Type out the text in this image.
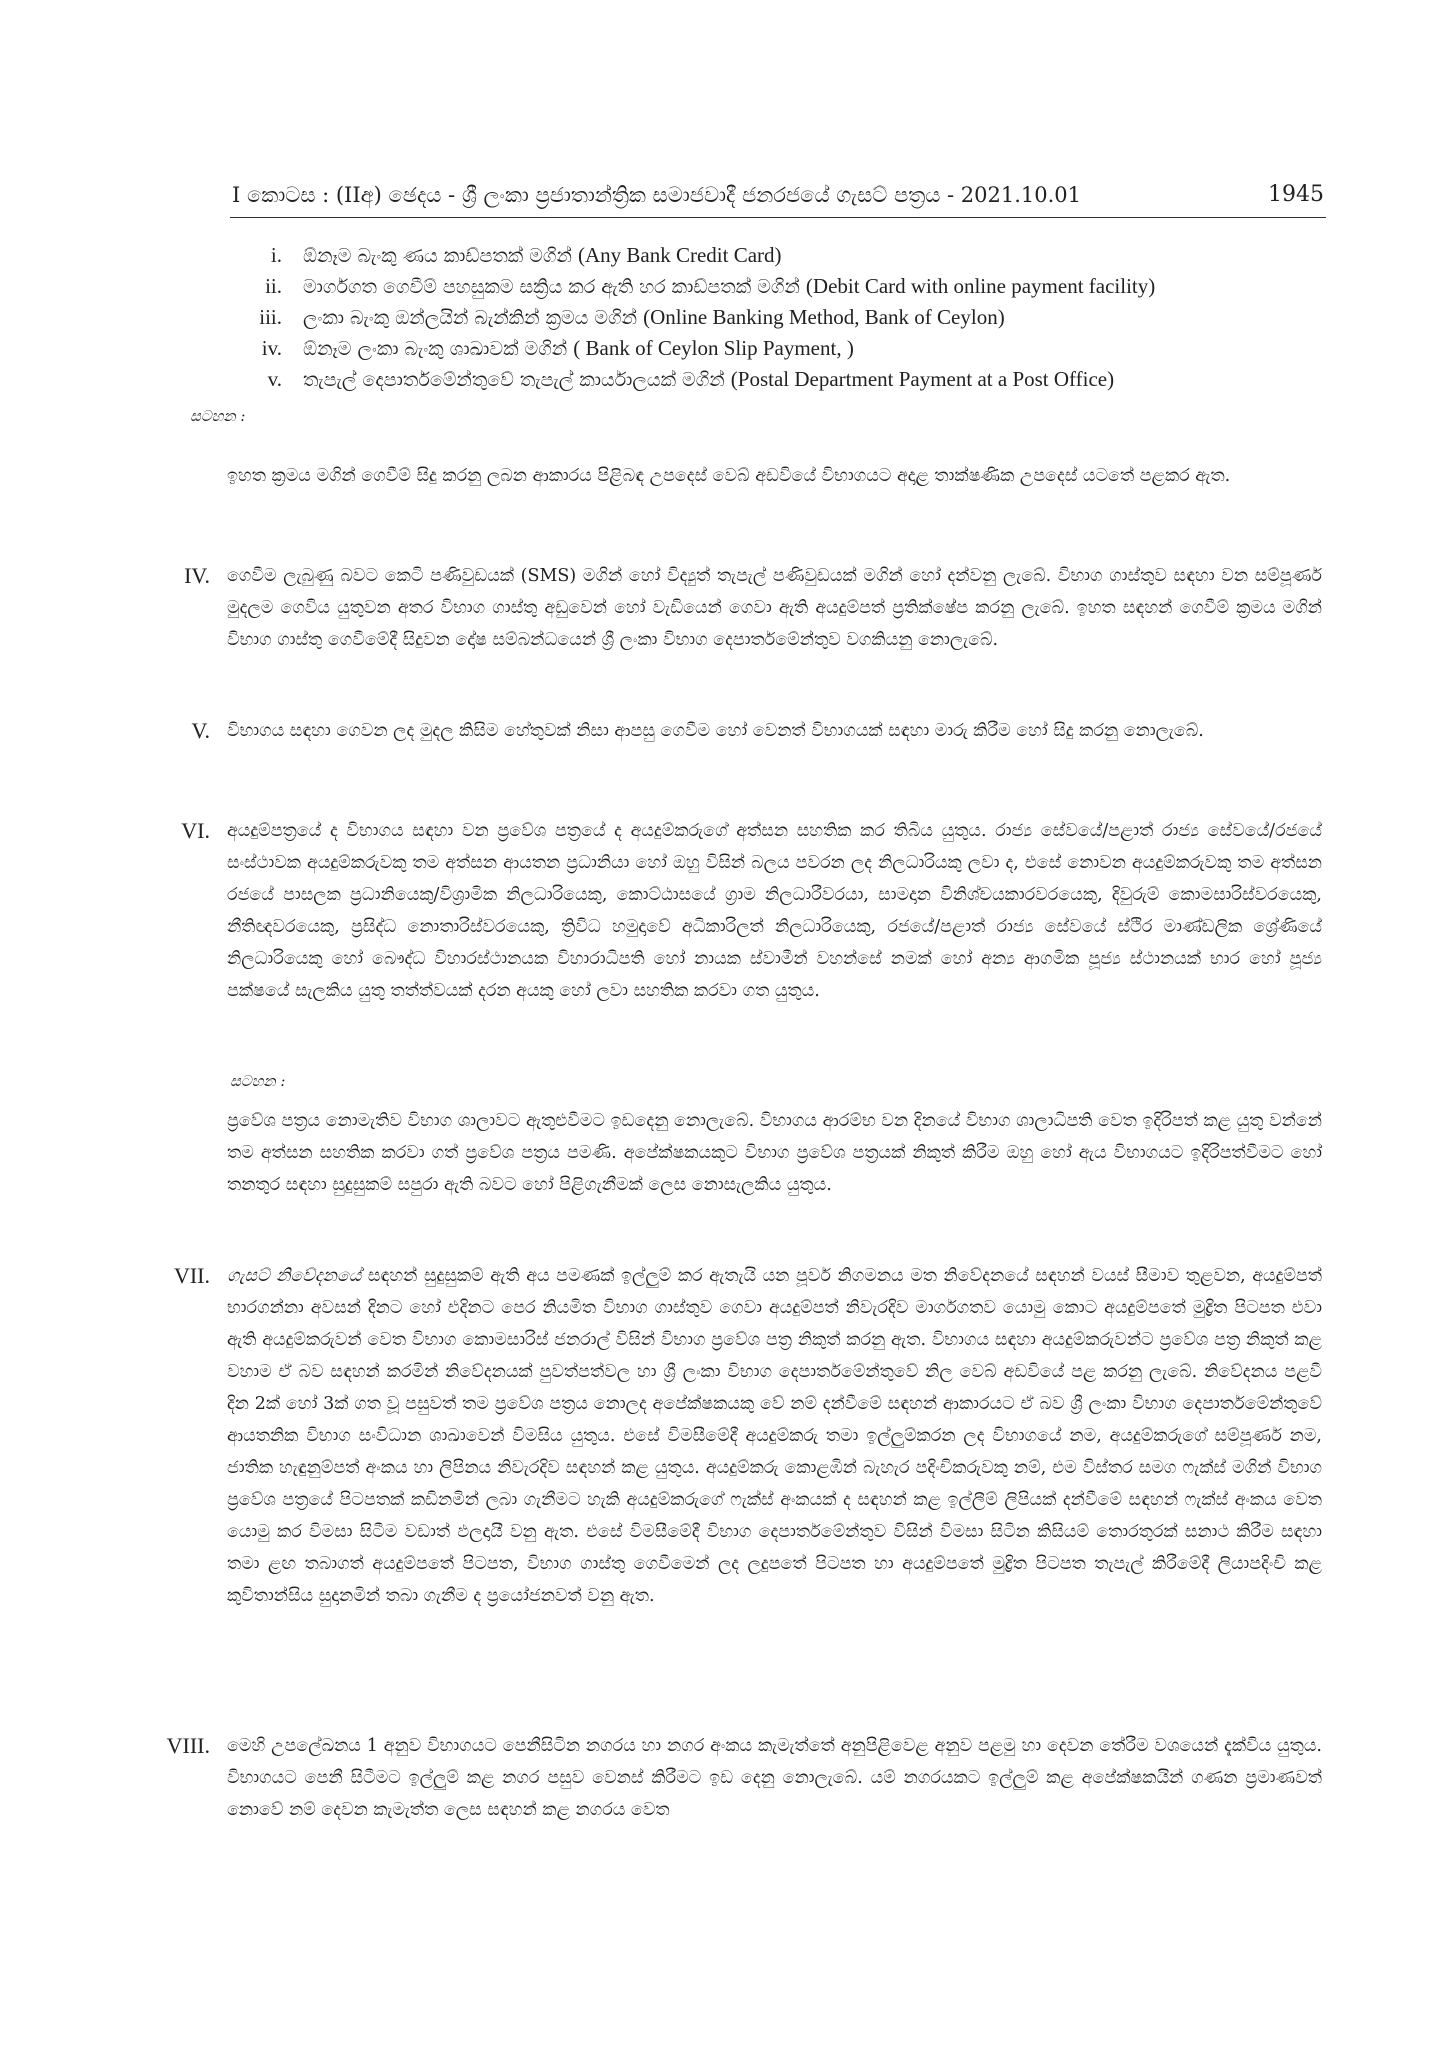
I කොටස : (IIඅ) ඡෙදය - ශ්‍රී ලංකා ප්‍රජාතාන්ත්‍රික සමාජවාදී ජනරජයේ ගැසට් පත්‍රය - 2021.10.01	1945
i. ඕනෑම බැංකු ණය කාඩ්පතක් මගින් (Any Bank Credit Card)
ii. මාර්ගගත ගෙවීම් පහසුකම සක්‍රිය කර ඇති හර කාඩ්පතක් මගින් (Debit Card with online payment facility)
iii. ලංකා බැංකු ඔන්ලයින් බැන්කින් ක්‍රමය මගින් (Online Banking Method, Bank of Ceylon)
iv. ඕනෑම ලංකා බැංකු ශාඛාවක් මගින් ( Bank of Ceylon Slip Payment, )
v. තැපැල් දෙපාර්තමේන්තුවේ තැපැල් කාර්යාලයක් මගින් (Postal Department Payment at a Post Office)
සටහන :
ඉහත ක්‍රමය මගින් ගෙවීම් සිදු කරනු ලබන ආකාරය පිළිබඳ උපදෙස් වෙබ් අඩවියේ විභාගයට අදාළ තාක්ෂණික උපදෙස් යටතේ පළකර ඇත.
IV. ගෙවීම ලැබුණු බවට කෙටි පණිවුඩයක් (SMS) මගින් හෝ විද්‍යුත් තැපැල් පණිවුඩයක් මගින් හෝ දන්වනු ලැබේ. විභාග ගාස්තුව සඳහා වන සම්පූර්ණ මුදලම ගෙවිය යුතුවන අතර විභාග ගාස්තු අඩුවෙන් හෝ වැඩියෙන් ගෙවා ඇති අයදුම්පත් ප්‍රතික්ෂේප කරනු ලැබේ. ඉහත සඳහන් ගෙවීම් ක්‍රමය මගින් විභාග ගාස්තු ගෙවීමේදී සිදුවන දෝෂ සම්බන්ධයෙන් ශ්‍රී ලංකා විභාග දෙපාර්තමේන්තුව වගකියනු නොලැබේ.
V. විභාගය සඳහා ගෙවන ලද මුදල කිසිම හේතුවක් නිසා ආපසු ගෙවීම හෝ වෙනත් විභාගයක් සඳහා මාරු කිරීම හෝ සිදු කරනු නොලැබේ.
VI. අයදුම්පත්‍රයේ ද විභාගය සඳහා වන ප්‍රවේශ පත්‍රයේ ද අයදුම්කරුගේ අත්සන සහතික කර තිබිය යුතුය. රාජ්‍ය සේවයේ/පළාත් රාජ්‍ය සේවයේ/රජයේ සංස්ථාවක අයදුම්කරුවකු තම අත්සන ආයතන ප්‍රධානියා හෝ ඔහු විසින් බලය පවරන ලද නිලධාරියකු ලවා ද, එසේ නොවන අයදුම්කරුවකු තම අත්සන රජයේ පාසලක ප්‍රධානියෙකු/විශ්‍රාමික නිලධාරියෙකු, කොට්ඨාසයේ ග්‍රාම නිලධාරීවරයා, සාමදාන විනිශ්චයකාරවරයෙකු, දිවුරුම් කොමසාරිස්වරයෙකු, නීතිඥවරයෙකු, ප්‍රසිද්ධ නොතාරිස්වරයෙකු, ත්‍රිවිධ හමුදාවේ අධිකාරිලත් නිලධාරියෙකු, රජයේ/පළාත් රාජ්‍ය සේවයේ ස්ථිර මාණ්ඩලික ශ්‍රේණියේ නිලධාරියෙකු හෝ බෞද්ධ විහාරස්ථානයක විහාරාධිපති හෝ නායක ස්වාමීන් වහන්සේ නමක් හෝ අන්‍ය ආගමික පූජ්‍ය ස්ථානයක් භාර හෝ පූජ්‍ය පක්ෂයේ සැලකිය යුතු තත්ත්වයක් දරන අයකු හෝ ලවා සහතික කරවා ගත යුතුය.
සටහන :
ප්‍රවේශ පත්‍රය නොමැතිව විභාග ශාලාවට ඇතුළුවීමට ඉඩදෙනු නොලැබේ. විභාගය ආරම්භ වන දිනයේ විභාග ශාලාධිපති වෙත ඉදිරිපත් කළ යුතු වන්නේ තම අත්සන සහතික කරවා ගත් ප්‍රවේශ පත්‍රය පමණි. අපේක්ෂකයකුට විභාග ප්‍රවේශ පත්‍රයක් නිකුත් කිරීම ඔහු හෝ ඇය විභාගයට ඉදිරිපත්වීමට හෝ තනතුර සඳහා සුදුසුකම් සපුරා ඇති බවට හෝ පිළිගැනීමක් ලෙස නොසැලකිය යුතුය.
VII. ගැසට් නිවේදනයේ සඳහන් සුදුසුකම් ඇති අය පමණක් ඉල්ලුම් කර ඇතැයි යන පූර්ව නිගමනය මත නිවේදනයේ සඳහන් වයස් සීමාව තුළවන, අයදුම්පත් භාරගන්නා අවසන් දිනට හෝ එදිනට පෙර නියමිත විභාග ගාස්තුව ගෙවා අයදුම්පත් නිවැරදිව මාර්ගගතව යොමු කොට අයදුම්පතේ මුද්‍රිත පිටපත එවා ඇති අයදුම්කරුවන් වෙත විභාග කොමසාරිස් ජනරාල් විසින් විභාග ප්‍රවේශ පත්‍ර නිකුත් කරනු ඇත. විභාගය සඳහා අයදුම්කරුවන්ට ප්‍රවේශ පත්‍ර නිකුත් කළ වහාම ඒ බව සඳහන් කරමින් නිවේදනයක් පුවත්පත්වල හා ශ්‍රී ලංකා විභාග දෙපාර්තමේන්තුවේ නිල වෙබ් අඩවියේ පළ කරනු ලැබේ. නිවේදනය පළවී දින 2ක් හෝ 3ක් ගත වූ පසුවත් තම ප්‍රවේශ පත්‍රය නොලද අපේක්ෂකයකු වේ නම් දන්වීමේ සඳහන් ආකාරයට ඒ බව ශ්‍රී ලංකා විභාග දෙපාර්තමේන්තුවේ ආයතනික විභාග සංවිධාන ශාඛාවෙන් විමසිය යුතුය. එසේ විමසීමේදී අයදුම්කරු තමා ඉල්ලුම්කරන ලද විභාගයේ නම, අයදුම්කරුගේ සම්පූර්ණ නම, ජාතික හැඳුනුම්පත් අංකය හා ලිපිනය නිවැරදිව සඳහන් කළ යුතුය. අයදුම්කරු කොළඹින් බැහැර පදිංචිකරුවකු නම්, එම විස්තර සමග ෆැක්ස් මගින් විභාග ප්‍රවේශ පත්‍රයේ පිටපතක් කඩිනමින් ලබා ගැනීමට හැකි අයදුම්කරුගේ ෆැක්ස් අංකයක් ද සඳහන් කළ ඉල්ලීම් ලිපියක් දන්වීමේ සඳහන් ෆැක්ස් අංකය වෙත යොමු කර විමසා සිටීම වඩාත් ඵලදායී වනු ඇත. එසේ විමසීමේදී විභාග දෙපාර්තමේන්තුව විසින් විමසා සිටින කිසියම් තොරතුරක් සනාථ කිරීම සඳහා තමා ළඟ තබාගත් අයදුම්පතේ පිටපත, විභාග ගාස්තු ගෙවීමෙන් ලද ලදුපතේ පිටපත හා අයදුම්පතේ මුද්‍රිත පිටපත තැපැල් කිරීමේදී ලියාපදිංචි කළ කුවිතාන්සිය සුදානමින් තබා ගැනීම ද ප්‍රයෝජනවත් වනු ඇත.
VIII. මෙහි උපලේඛනය 1 අනුව විභාගයට පෙනීසිටින නගරය හා නගර අංකය කැමැත්තේ අනුපිළිවෙළ අනුව පළමු හා දෙවන තේරීම වශයෙන් දැක්විය යුතුය. විභාගයට පෙනී සිටීමට ඉල්ලුම් කළ නගර පසුව වෙනස් කිරීමට ඉඩ දෙනු නොලැබේ. යම් නගරයකට ඉල්ලුම් කළ අපේක්ෂකයින් ගණන ප්‍රමාණවත් නොවේ නම් දෙවන කැමැත්ත ලෙස සඳහන් කළ නගරය වෙත
